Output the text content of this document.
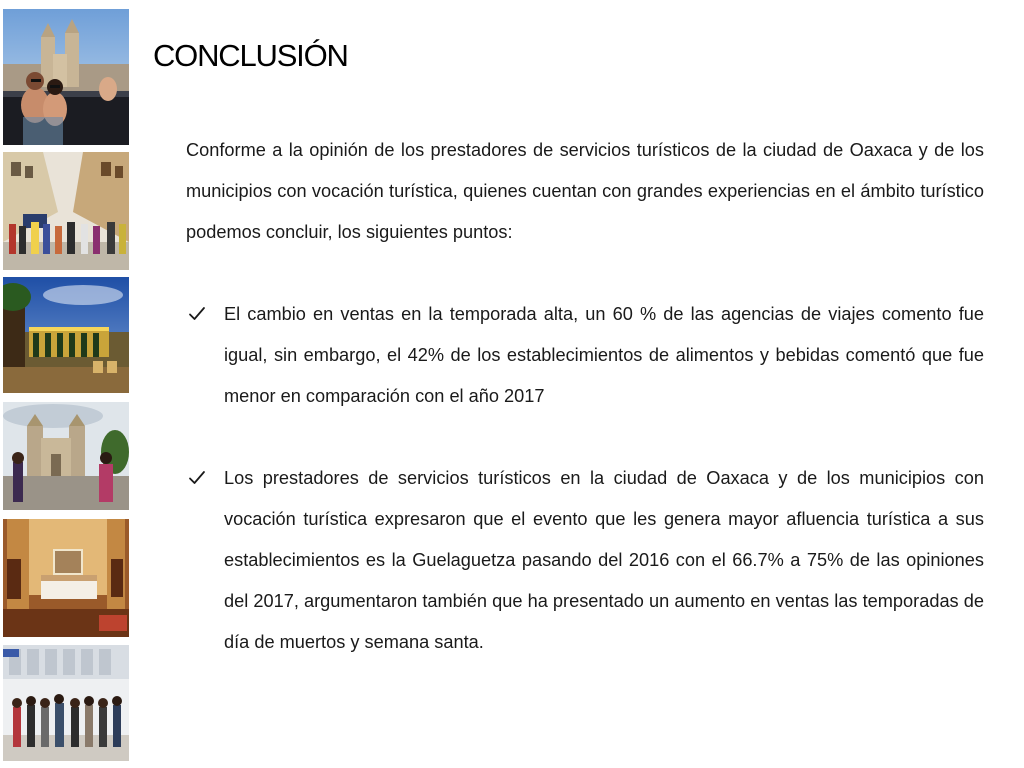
CONCLUSIÓN

Conforme a la opinión de los prestadores de servicios turísticos de la ciudad de Oaxaca y de los municipios con vocación turística, quienes cuentan con grandes experiencias en el ámbito turístico podemos concluir, los siguientes puntos:

El cambio en ventas en la temporada alta, un 60 % de las agencias de viajes comento fue igual, sin embargo, el 42% de los establecimientos de alimentos y bebidas comentó que fue menor en comparación con el año 2017
Los prestadores de servicios turísticos en la ciudad de Oaxaca y de los municipios con vocación turística expresaron que el evento que les genera mayor afluencia turística a sus establecimientos es la Guelaguetza pasando del 2016 con el 66.7% a 75% de las opiniones del 2017, argumentaron también que ha presentado un aumento en ventas las temporadas de día de muertos y semana santa.
